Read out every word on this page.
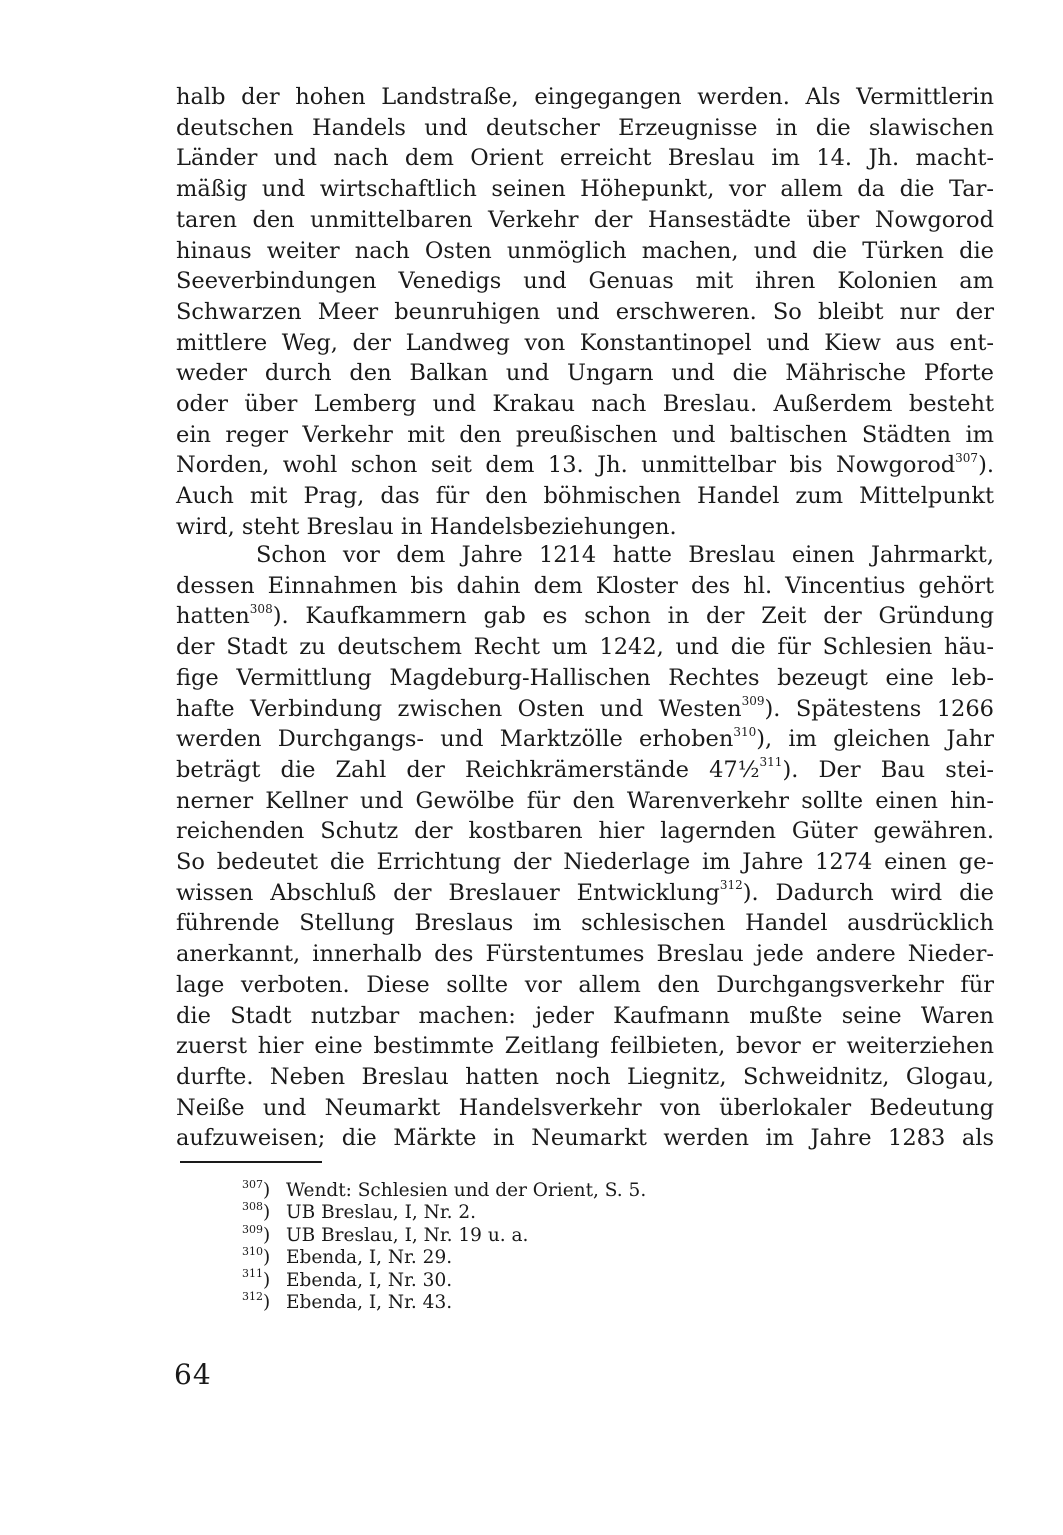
halb der hohen Landstraße, eingegangen werden. Als Vermittlerin
deutschen Handels und deutscher Erzeugnisse in die slawischen
Länder und nach dem Orient erreicht Breslau im 14. Jh. macht-
mäßig und wirtschaftlich seinen Höhepunkt, vor allem da die Tar-
taren den unmittelbaren Verkehr der Hansestädte über Nowgorod
hinaus weiter nach Osten unmöglich machen, und die Türken die
Seeverbindungen Venedigs und Genuas mit ihren Kolonien am
Schwarzen Meer beunruhigen und erschweren. So bleibt nur der
mittlere Weg, der Landweg von Konstantinopel und Kiew aus ent-
weder durch den Balkan und Ungarn und die Mährische Pforte
oder über Lemberg und Krakau nach Breslau. Außerdem besteht
ein reger Verkehr mit den preußischen und baltischen Städten im
Norden, wohl schon seit dem 13. Jh. unmittelbar bis Nowgorod$^{307}$).
Auch mit Prag, das für den böhmischen Handel zum Mittelpunkt
wird, steht Breslau in Handelsbeziehungen.
Schon vor dem Jahre 1214 hatte Breslau einen Jahrmarkt,
dessen Einnahmen bis dahin dem Kloster des hl. Vincentius gehört
hatten$^{308}$). Kaufkammern gab es schon in der Zeit der Gründung
der Stadt zu deutschem Recht um 1242, und die für Schlesien häu-
fige Vermittlung Magdeburg-Hallischen Rechtes bezeugt eine leb-
hafte Verbindung zwischen Osten und Westen$^{309}$). Spätestens 1266
werden Durchgangs- und Marktzölle erhoben$^{310}$), im gleichen Jahr
beträgt die Zahl der Reichkrämerstände 47½$^{311}$). Der Bau stei-
nerner Kellner und Gewölbe für den Warenverkehr sollte einen hin-
reichenden Schutz der kostbaren hier lagernden Güter gewähren.
So bedeutet die Errichtung der Niederlage im Jahre 1274 einen ge-
wissen Abschluß der Breslauer Entwicklung$^{312}$). Dadurch wird die
führende Stellung Breslaus im schlesischen Handel ausdrücklich
anerkannt, innerhalb des Fürstentumes Breslau jede andere Nieder-
lage verboten. Diese sollte vor allem den Durchgangsverkehr für
die Stadt nutzbar machen: jeder Kaufmann mußte seine Waren
zuerst hier eine bestimmte Zeitlang feilbieten, bevor er weiterziehen
durfte. Neben Breslau hatten noch Liegnitz, Schweidnitz, Glogau,
Neiße und Neumarkt Handelsverkehr von überlokaler Bedeutung
aufzuweisen; die Märkte in Neumarkt werden im Jahre 1283 als
$^{307}$) Wendt: Schlesien und der Orient, S. 5.
$^{308}$) UB Breslau, I, Nr. 2.
$^{309}$) UB Breslau, I, Nr. 19 u. a.
$^{310}$) Ebenda, I, Nr. 29.
$^{311}$) Ebenda, I, Nr. 30.
$^{312}$) Ebenda, I, Nr. 43.
64
